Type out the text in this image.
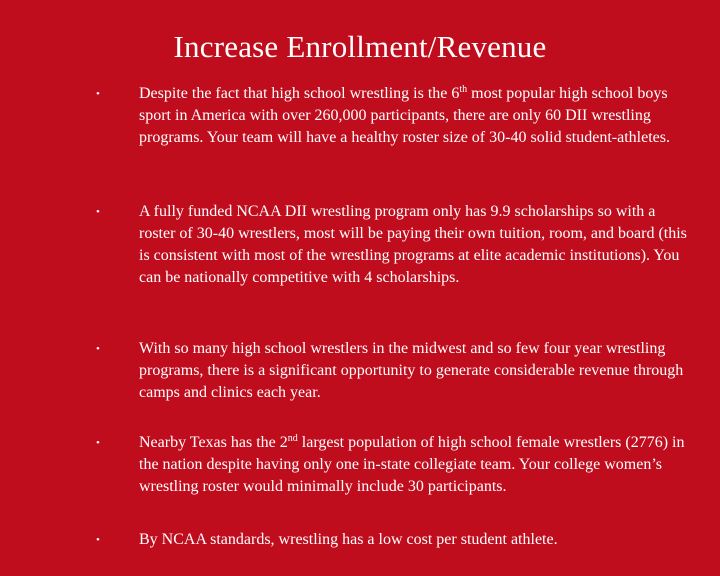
Increase Enrollment/Revenue
• Despite the fact that high school wrestling is the 6th most popular high school boys sport in America with over 260,000 participants, there are only 60 DII wrestling programs. Your team will have a healthy roster size of 30-40 solid student-athletes.
• A fully funded NCAA DII wrestling program only has 9.9 scholarships so with a roster of 30-40 wrestlers, most will be paying their own tuition, room, and board (this is consistent with most of the wrestling programs at elite academic institutions). You can be nationally competitive with 4 scholarships.
• With so many high school wrestlers in the midwest and so few four year wrestling programs, there is a significant opportunity to generate considerable revenue through camps and clinics each year.
• Nearby Texas has the 2nd largest population of high school female wrestlers (2776) in the nation despite having only one in-state collegiate team. Your college women’s wrestling roster would minimally include 30 participants.
• By NCAA standards, wrestling has a low cost per student athlete.
